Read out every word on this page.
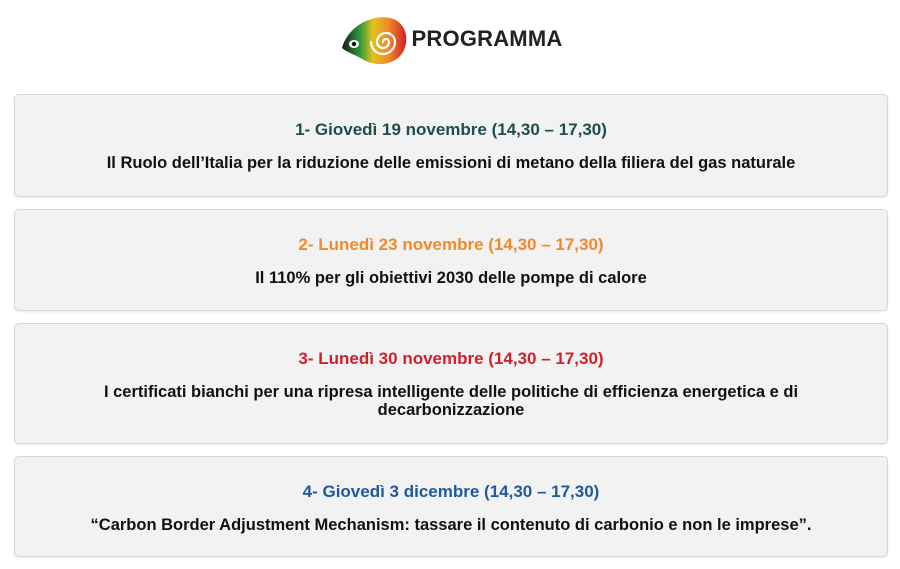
PROGRAMMA
1- Giovedì 19 novembre (14,30 – 17,30)
Il Ruolo dell’Italia per la riduzione delle emissioni di metano della filiera del gas naturale
2- Lunedì 23 novembre (14,30 – 17,30)
Il 110% per gli obiettivi 2030 delle pompe di calore
3- Lunedì 30 novembre (14,30 – 17,30)
I certificati bianchi per una ripresa intelligente delle politiche di efficienza energetica e di decarbonizzazione
4- Giovedì 3 dicembre (14,30 – 17,30)
“Carbon Border Adjustment Mechanism: tassare il contenuto di carbonio e non le imprese”.
